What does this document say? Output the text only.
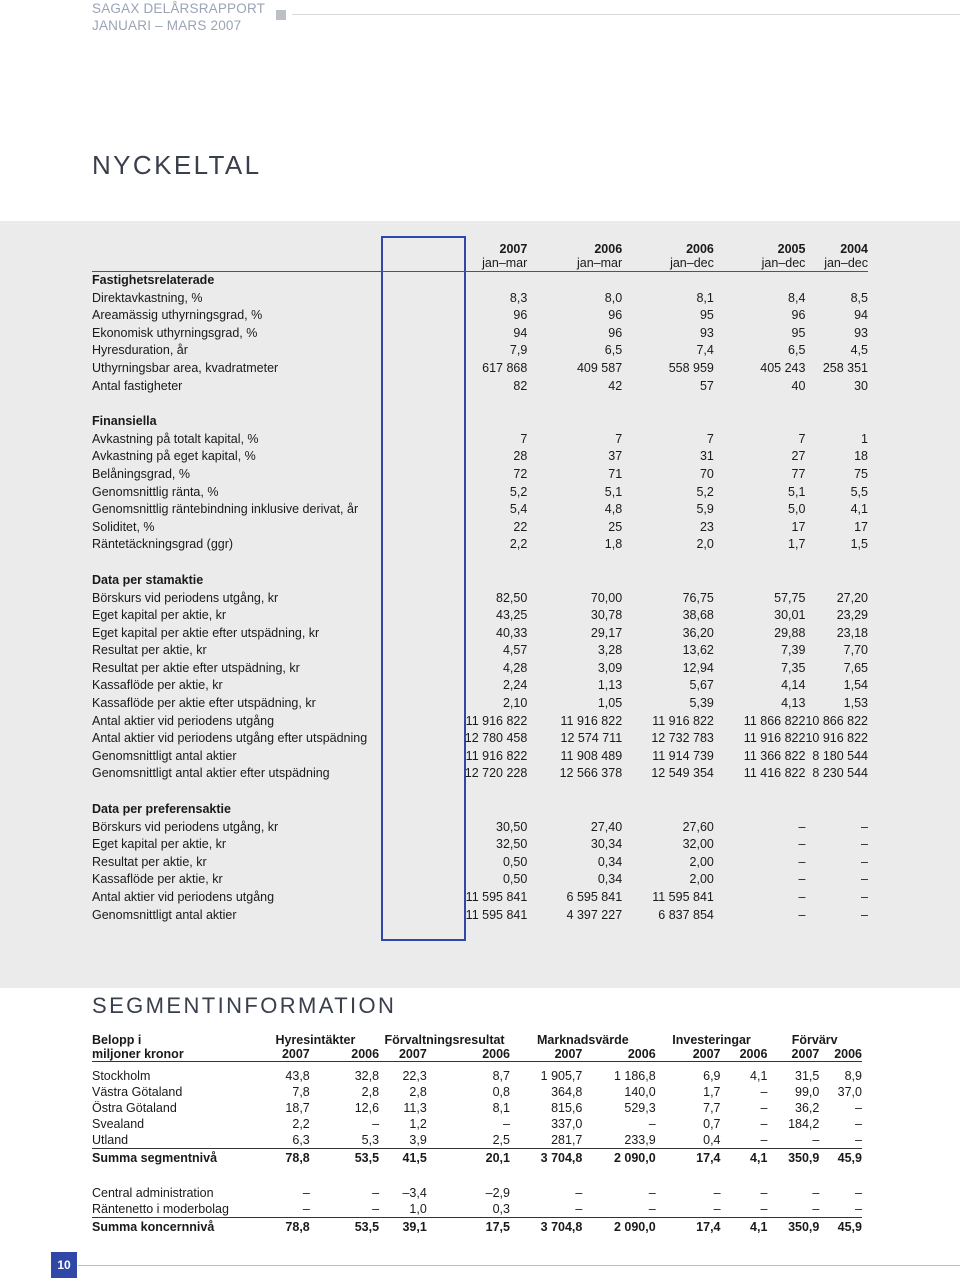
SAGAX DELÅRSRAPPORT
JANUARI – MARS 2007
NYCKELTAL
	2007	2006	2006	2005	2004
	jan–mar	jan–mar	jan–dec	jan–dec	jan–dec
Fastighetsrelaterade					
Direktavkastning, %	8,3	8,0	8,1	8,4	8,5
Areamässig uthyrningsgrad, %	96	96	95	96	94
Ekonomisk uthyrningsgrad, %	94	96	93	95	93
Hyresduration, år	7,9	6,5	7,4	6,5	4,5
Uthyrningsbar area, kvadratmeter	617 868	409 587	558 959	405 243	258 351
Antal fastigheter	82	42	57	40	30

Finansiella					
Avkastning på totalt kapital, %	7	7	7	7	1
Avkastning på eget kapital, %	28	37	31	27	18
Belåningsgrad, %	72	71	70	77	75
Genomsnittlig ränta, %	5,2	5,1	5,2	5,1	5,5
Genomsnittlig räntebindning inklusive derivat, år	5,4	4,8	5,9	5,0	4,1
Soliditet, %	22	25	23	17	17
Räntetäckningsgrad (ggr)	2,2	1,8	2,0	1,7	1,5

Data per stamaktie					
Börskurs vid periodens utgång, kr	82,50	70,00	76,75	57,75	27,20
Eget kapital per aktie, kr	43,25	30,78	38,68	30,01	23,29
Eget kapital per aktie efter utspädning, kr	40,33	29,17	36,20	29,88	23,18
Resultat per aktie, kr	4,57	3,28	13,62	7,39	7,70
Resultat per aktie efter utspädning, kr	4,28	3,09	12,94	7,35	7,65
Kassaflöde per aktie, kr	2,24	1,13	5,67	4,14	1,54
Kassaflöde per aktie efter utspädning, kr	2,10	1,05	5,39	4,13	1,53
Antal aktier vid periodens utgång	11 916 822	11 916 822	11 916 822	11 866 822	10 866 822
Antal aktier vid periodens utgång efter utspädning	12 780 458	12 574 711	12 732 783	11 916 822	10 916 822
Genomsnittligt antal aktier	11 916 822	11 908 489	11 914 739	11 366 822	8 180 544
Genomsnittligt antal aktier efter utspädning	12 720 228	12 566 378	12 549 354	11 416 822	8 230 544

Data per preferensaktie					
Börskurs vid periodens utgång, kr	30,50	27,40	27,60	–	–
Eget kapital per aktie, kr	32,50	30,34	32,00	–	–
Resultat per aktie, kr	0,50	0,34	2,00	–	–
Kassaflöde per aktie, kr	0,50	0,34	2,00	–	–
Antal aktier vid periodens utgång	11 595 841	6 595 841	11 595 841	–	–
Genomsnittligt antal aktier	11 595 841	4 397 227	6 837 854	–	–
SEGMENTINFORMATION
Belopp i		Hyresintäkter		Förvaltningsresultat		Marknadsvärde		Investeringar		Förvärv	
miljoner kronor		2007	2006	2007	2006	2007	2006	2007	2006	2007	2006

Stockholm		43,8	32,8	22,3	8,7	1 905,7	1 186,8	6,9	4,1	31,5	8,9
Västra Götaland		7,8	2,8	2,8	0,8	364,8	140,0	1,7	–	99,0	37,0
Östra Götaland		18,7	12,6	11,3	8,1	815,6	529,3	7,7	–	36,2	–
Svealand		2,2	–	1,2	–	337,0	–	0,7	–	184,2	–
Utland		6,3	5,3	3,9	2,5	281,7	233,9	0,4	–	–	–
Summa segmentnivå		78,8	53,5	41,5	20,1	3 704,8	2 090,0	17,4	4,1	350,9	45,9

Central administration		–	–	–3,4	–2,9	–	–	–	–	–	–
Räntenetto i moderbolag		–	–	1,0	0,3	–	–	–	–	–	–
Summa koncernnivå		78,8	53,5	39,1	17,5	3 704,8	2 090,0	17,4	4,1	350,9	45,9
10
